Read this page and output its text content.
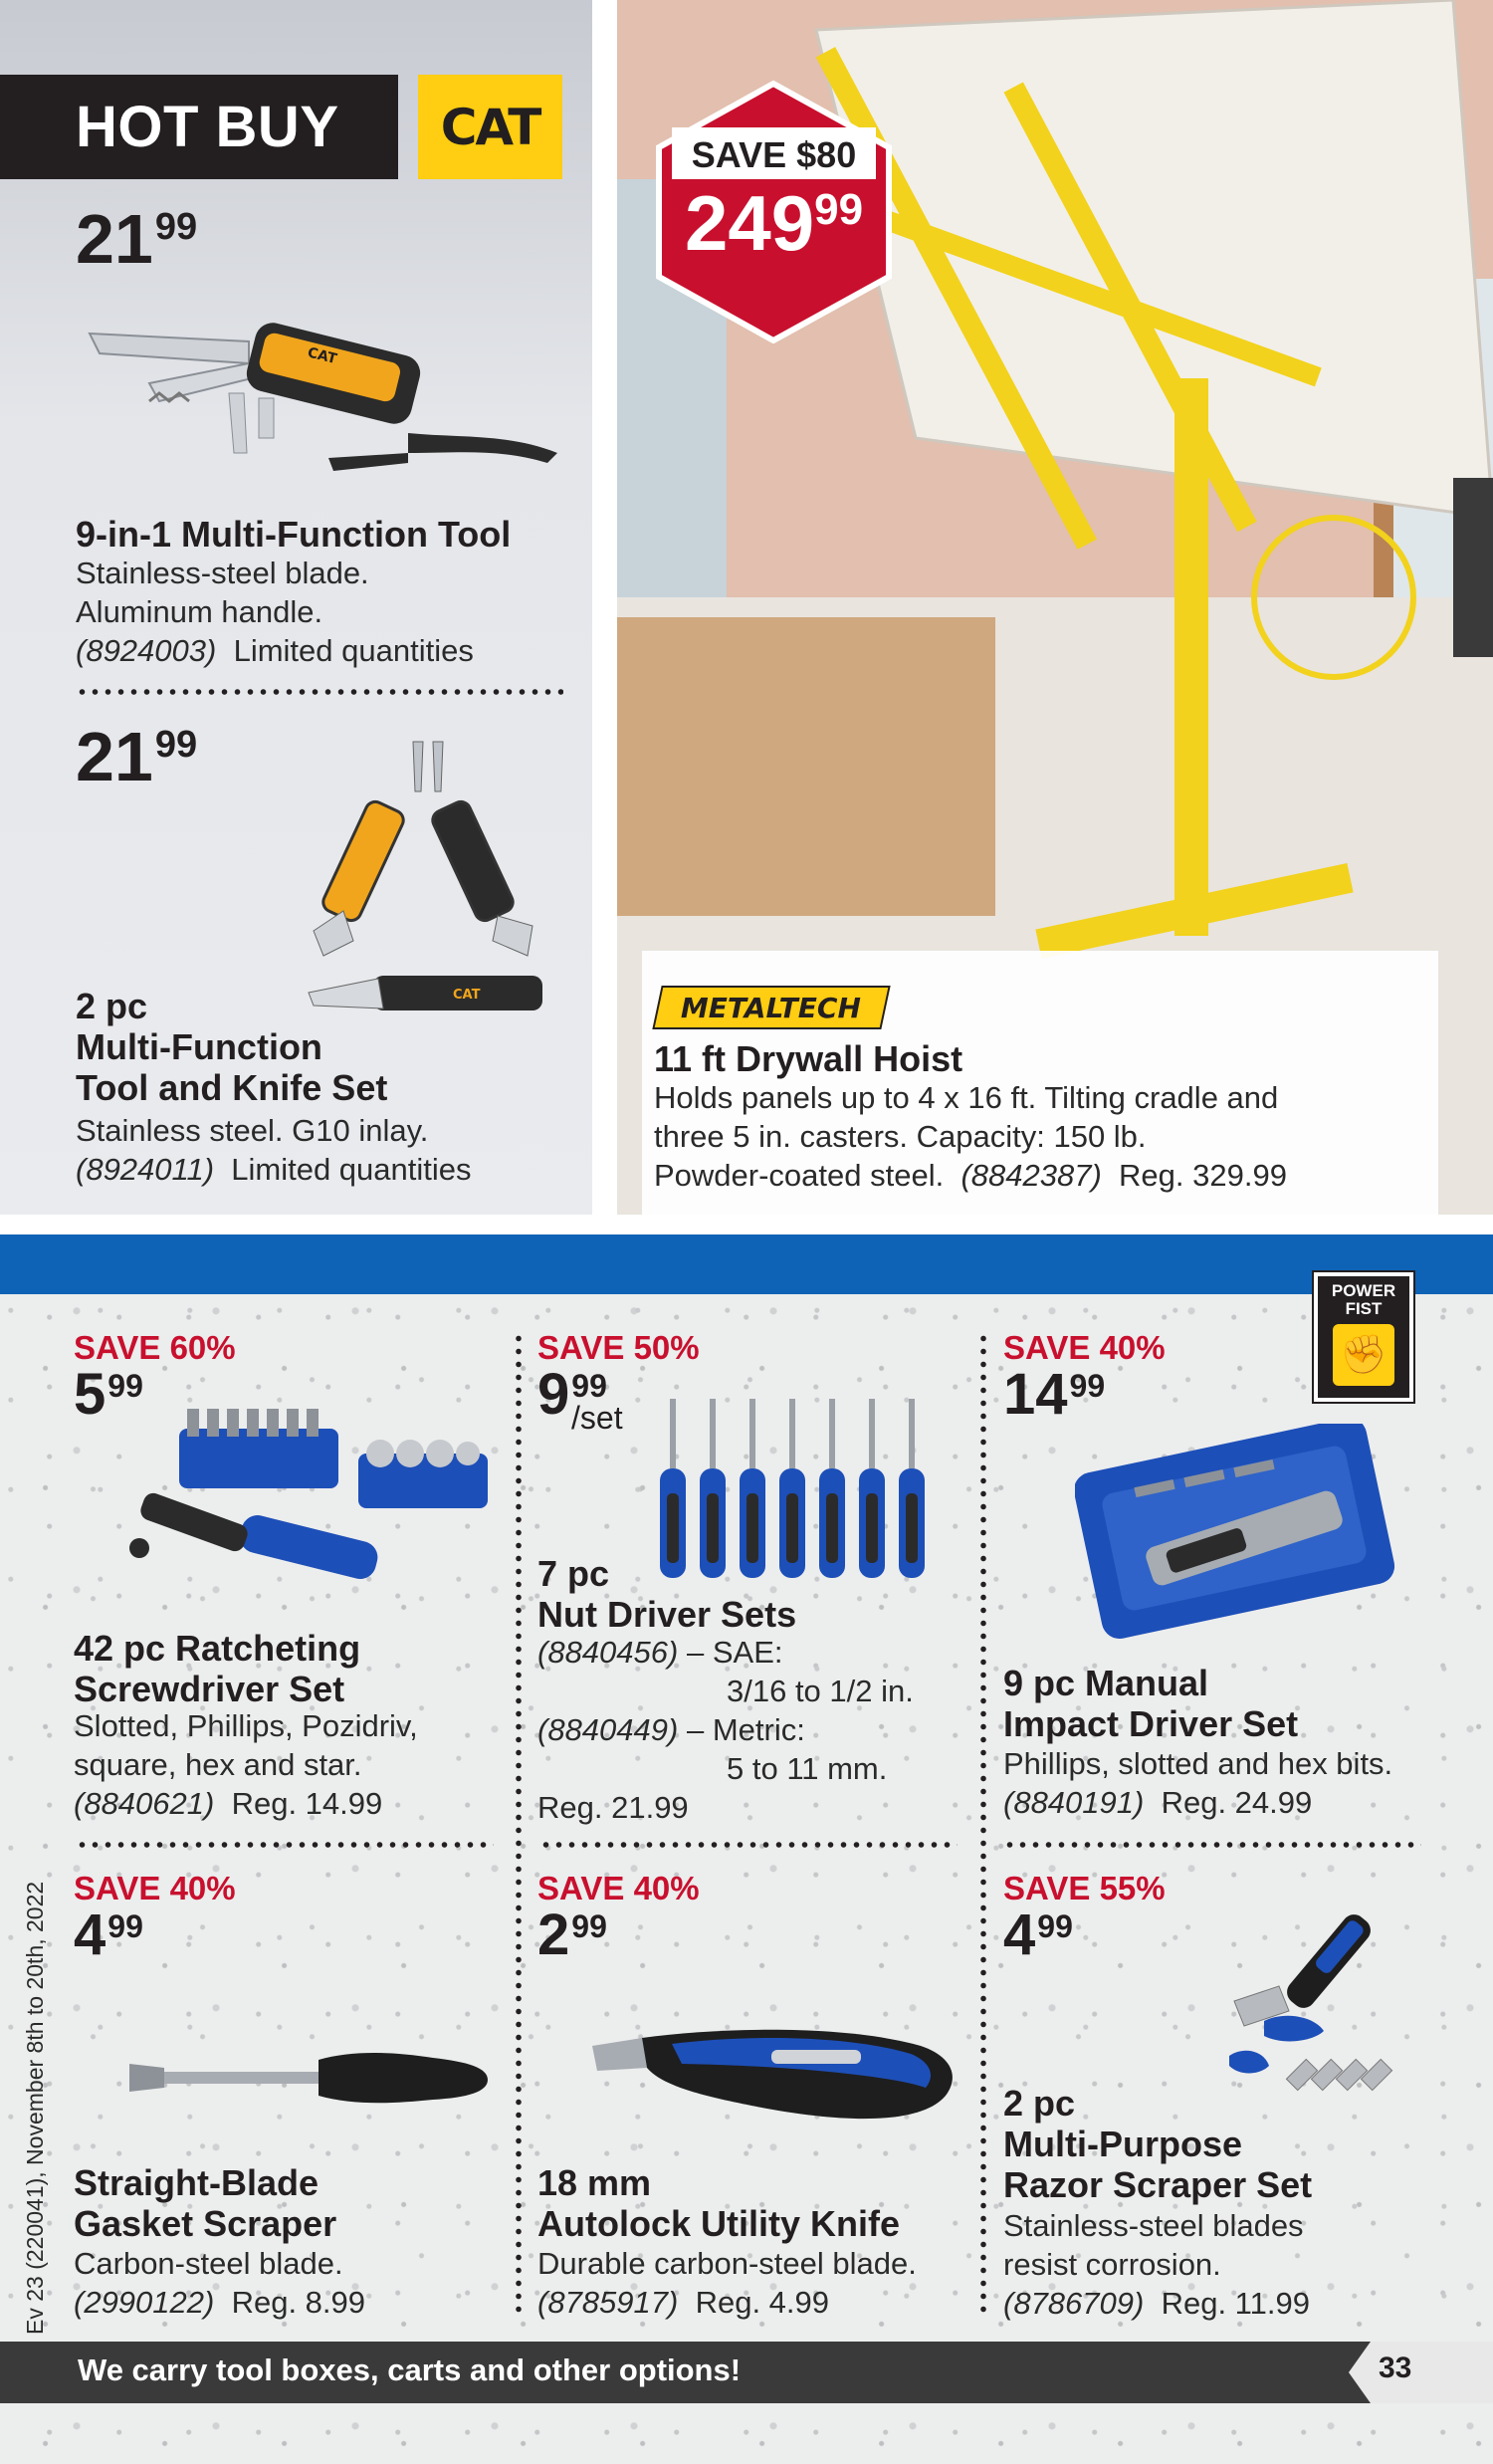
HOT BUY	CAT
$21^{99}$
CAT
9-in-1 Multi-Function Tool
Stainless-steel blade.
Aluminum handle.
(8924003) Limited quantities
$21^{99}$
CAT
2 pc
Multi-Function
Tool and Knife Set
Stainless steel. G10 inlay.
(8924011) Limited quantities
SAVE $80
$249^{99}$
METALTECH
11 ft Drywall Hoist
Holds panels up to 4 x 16 ft. Tilting cradle and
three 5 in. casters. Capacity: 150 lb.
Powder-coated steel. (8842387) Reg. 329.99
POWER
FIST
✊
SAVE 60%
$5^{99}$
42 pc Ratcheting
Screwdriver Set
Slotted, Phillips, Pozidriv,
square, hex and star.
(8840621) Reg. 14.99
SAVE 50%
$9^{99}$
/set
7 pc
Nut Driver Sets
(8840456) – SAE:
3/16 to 1/2 in.
(8840449) – Metric:
5 to 11 mm.
Reg. 21.99
SAVE 40%
$14^{99}$
9 pc Manual
Impact Driver Set
Phillips, slotted and hex bits.
(8840191) Reg. 24.99
SAVE 40%
$4^{99}$
Straight-Blade
Gasket Scraper
Carbon-steel blade.
(2990122) Reg. 8.99
SAVE 40%
$2^{99}$
18 mm
Autolock Utility Knife
Durable carbon-steel blade.
(8785917) Reg. 4.99
SAVE 55%
$4^{99}$
2 pc
Multi-Purpose
Razor Scraper Set
Stainless-steel blades
resist corrosion.
(8786709) Reg. 11.99
Ev 23 (220041), November 8th to 20th, 2022
We carry tool boxes, carts and other options!	33
